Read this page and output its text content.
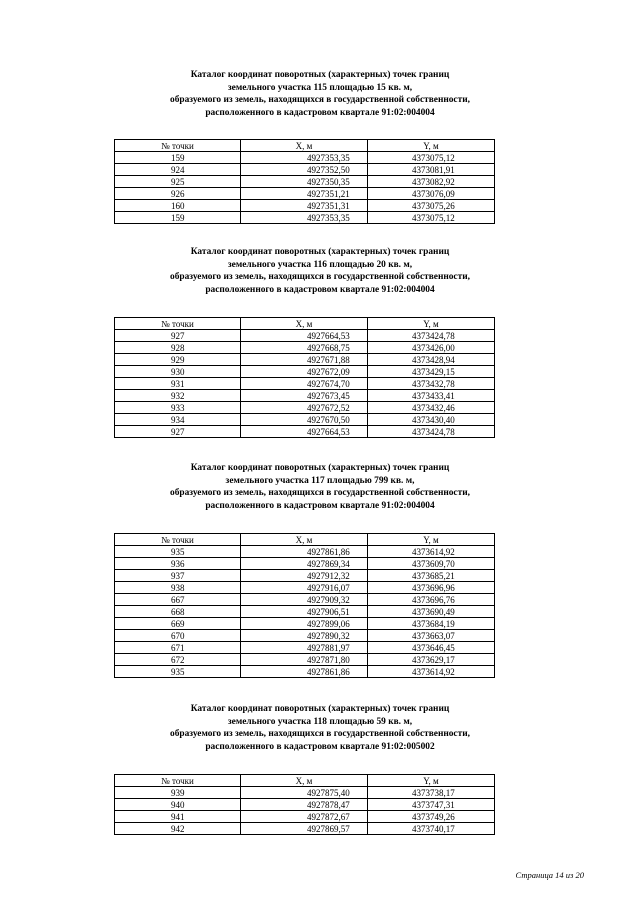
Каталог координат поворотных (характерных) точек границ
земельного участка 115 площадью 15 кв. м,
образуемого из земель, находящихся в государственной собственности,
расположенного в кадастровом квартале 91:02:004004
№ точки	X, м	Y, м
159	4927353,35	4373075,12
924	4927352,50	4373081,91
925	4927350,35	4373082,92
926	4927351,21	4373076,09
160	4927351,31	4373075,26
159	4927353,35	4373075,12
Каталог координат поворотных (характерных) точек границ
земельного участка 116 площадью 20 кв. м,
образуемого из земель, находящихся в государственной собственности,
расположенного в кадастровом квартале 91:02:004004
№ точки	X, м	Y, м
927	4927664,53	4373424,78
928	4927668,75	4373426,00
929	4927671,88	4373428,94
930	4927672,09	4373429,15
931	4927674,70	4373432,78
932	4927673,45	4373433,41
933	4927672,52	4373432,46
934	4927670,50	4373430,40
927	4927664,53	4373424,78
Каталог координат поворотных (характерных) точек границ
земельного участка 117 площадью 799 кв. м,
образуемого из земель, находящихся в государственной собственности,
расположенного в кадастровом квартале 91:02:004004
№ точки	X, м	Y, м
935	4927861,86	4373614,92
936	4927869,34	4373609,70
937	4927912,32	4373685,21
938	4927916,07	4373696,96
667	4927909,32	4373696,76
668	4927906,51	4373690,49
669	4927899,06	4373684,19
670	4927890,32	4373663,07
671	4927881,97	4373646,45
672	4927871,80	4373629,17
935	4927861,86	4373614,92
Каталог координат поворотных (характерных) точек границ
земельного участка 118 площадью 59 кв. м,
образуемого из земель, находящихся в государственной собственности,
расположенного в кадастровом квартале 91:02:005002
№ точки	X, м	Y, м
939	4927875,40	4373738,17
940	4927878,47	4373747,31
941	4927872,67	4373749,26
942	4927869,57	4373740,17
Страница 14 из 20
